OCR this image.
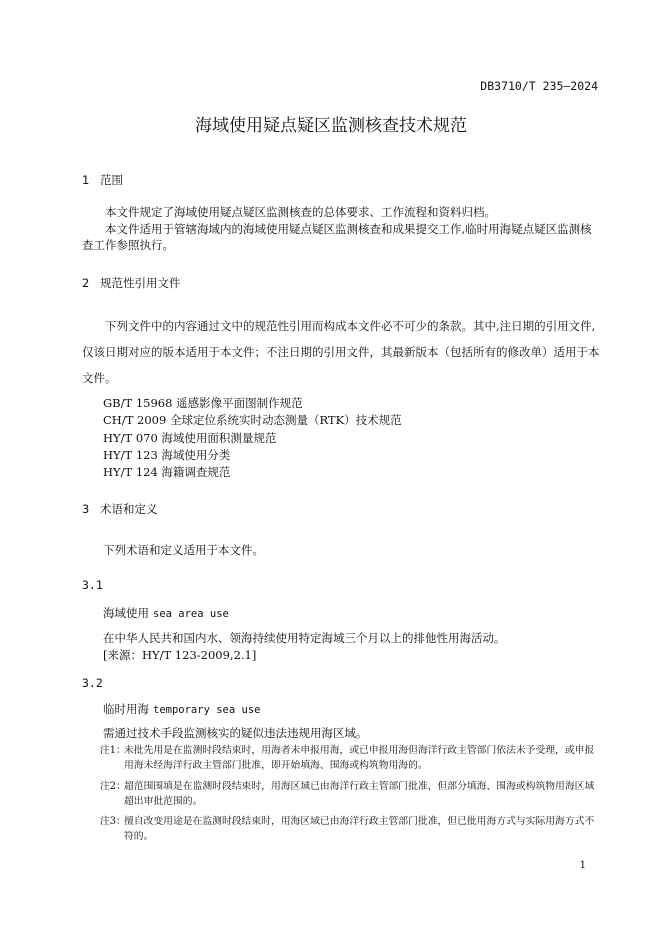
DB3710/T 235—2024
海域使用疑点疑区监测核查技术规范
1 范围
本文件规定了海域使用疑点疑区监测核查的总体要求、工作流程和资料归档。
本文件适用于管辖海域内的海域使用疑点疑区监测核查和成果提交工作,临时用海疑点疑区监测核查工作参照执行。
2 规范性引用文件
下列文件中的内容通过文中的规范性引用而构成本文件必不可少的条款。其中,注日期的引用文件,仅该日期对应的版本适用于本文件；不注日期的引用文件，其最新版本（包括所有的修改单）适用于本文件。
GB/T 15968 遥感影像平面图制作规范
CH/T 2009 全球定位系统实时动态测量（RTK）技术规范
HY/T 070 海域使用面积测量规范
HY/T 123 海域使用分类
HY/T 124 海籍调查规范
3 术语和定义
下列术语和定义适用于本文件。
3.1
海域使用 sea area use
在中华人民共和国内水、领海持续使用特定海域三个月以上的排他性用海活动。
[来源：HY/T 123-2009,2.1]
3.2
临时用海 temporary sea use
需通过技术手段监测核实的疑似违法违规用海区域。
注1：
未批先用是在监测时段结束时，用海者未申报用海，或已申报用海但海洋行政主管部门依法未予受理，或申报用海未经海洋行政主管部门批准，即开始填海、围海或构筑物用海的。
注2：
超范围围填是在监测时段结束时，用海区域已由海洋行政主管部门批准，但部分填海、围海或构筑物用海区域超出审批范围的。
注3：
擅自改变用途是在监测时段结束时，用海区域已由海洋行政主管部门批准，但已批用海方式与实际用海方式不符的。
1
